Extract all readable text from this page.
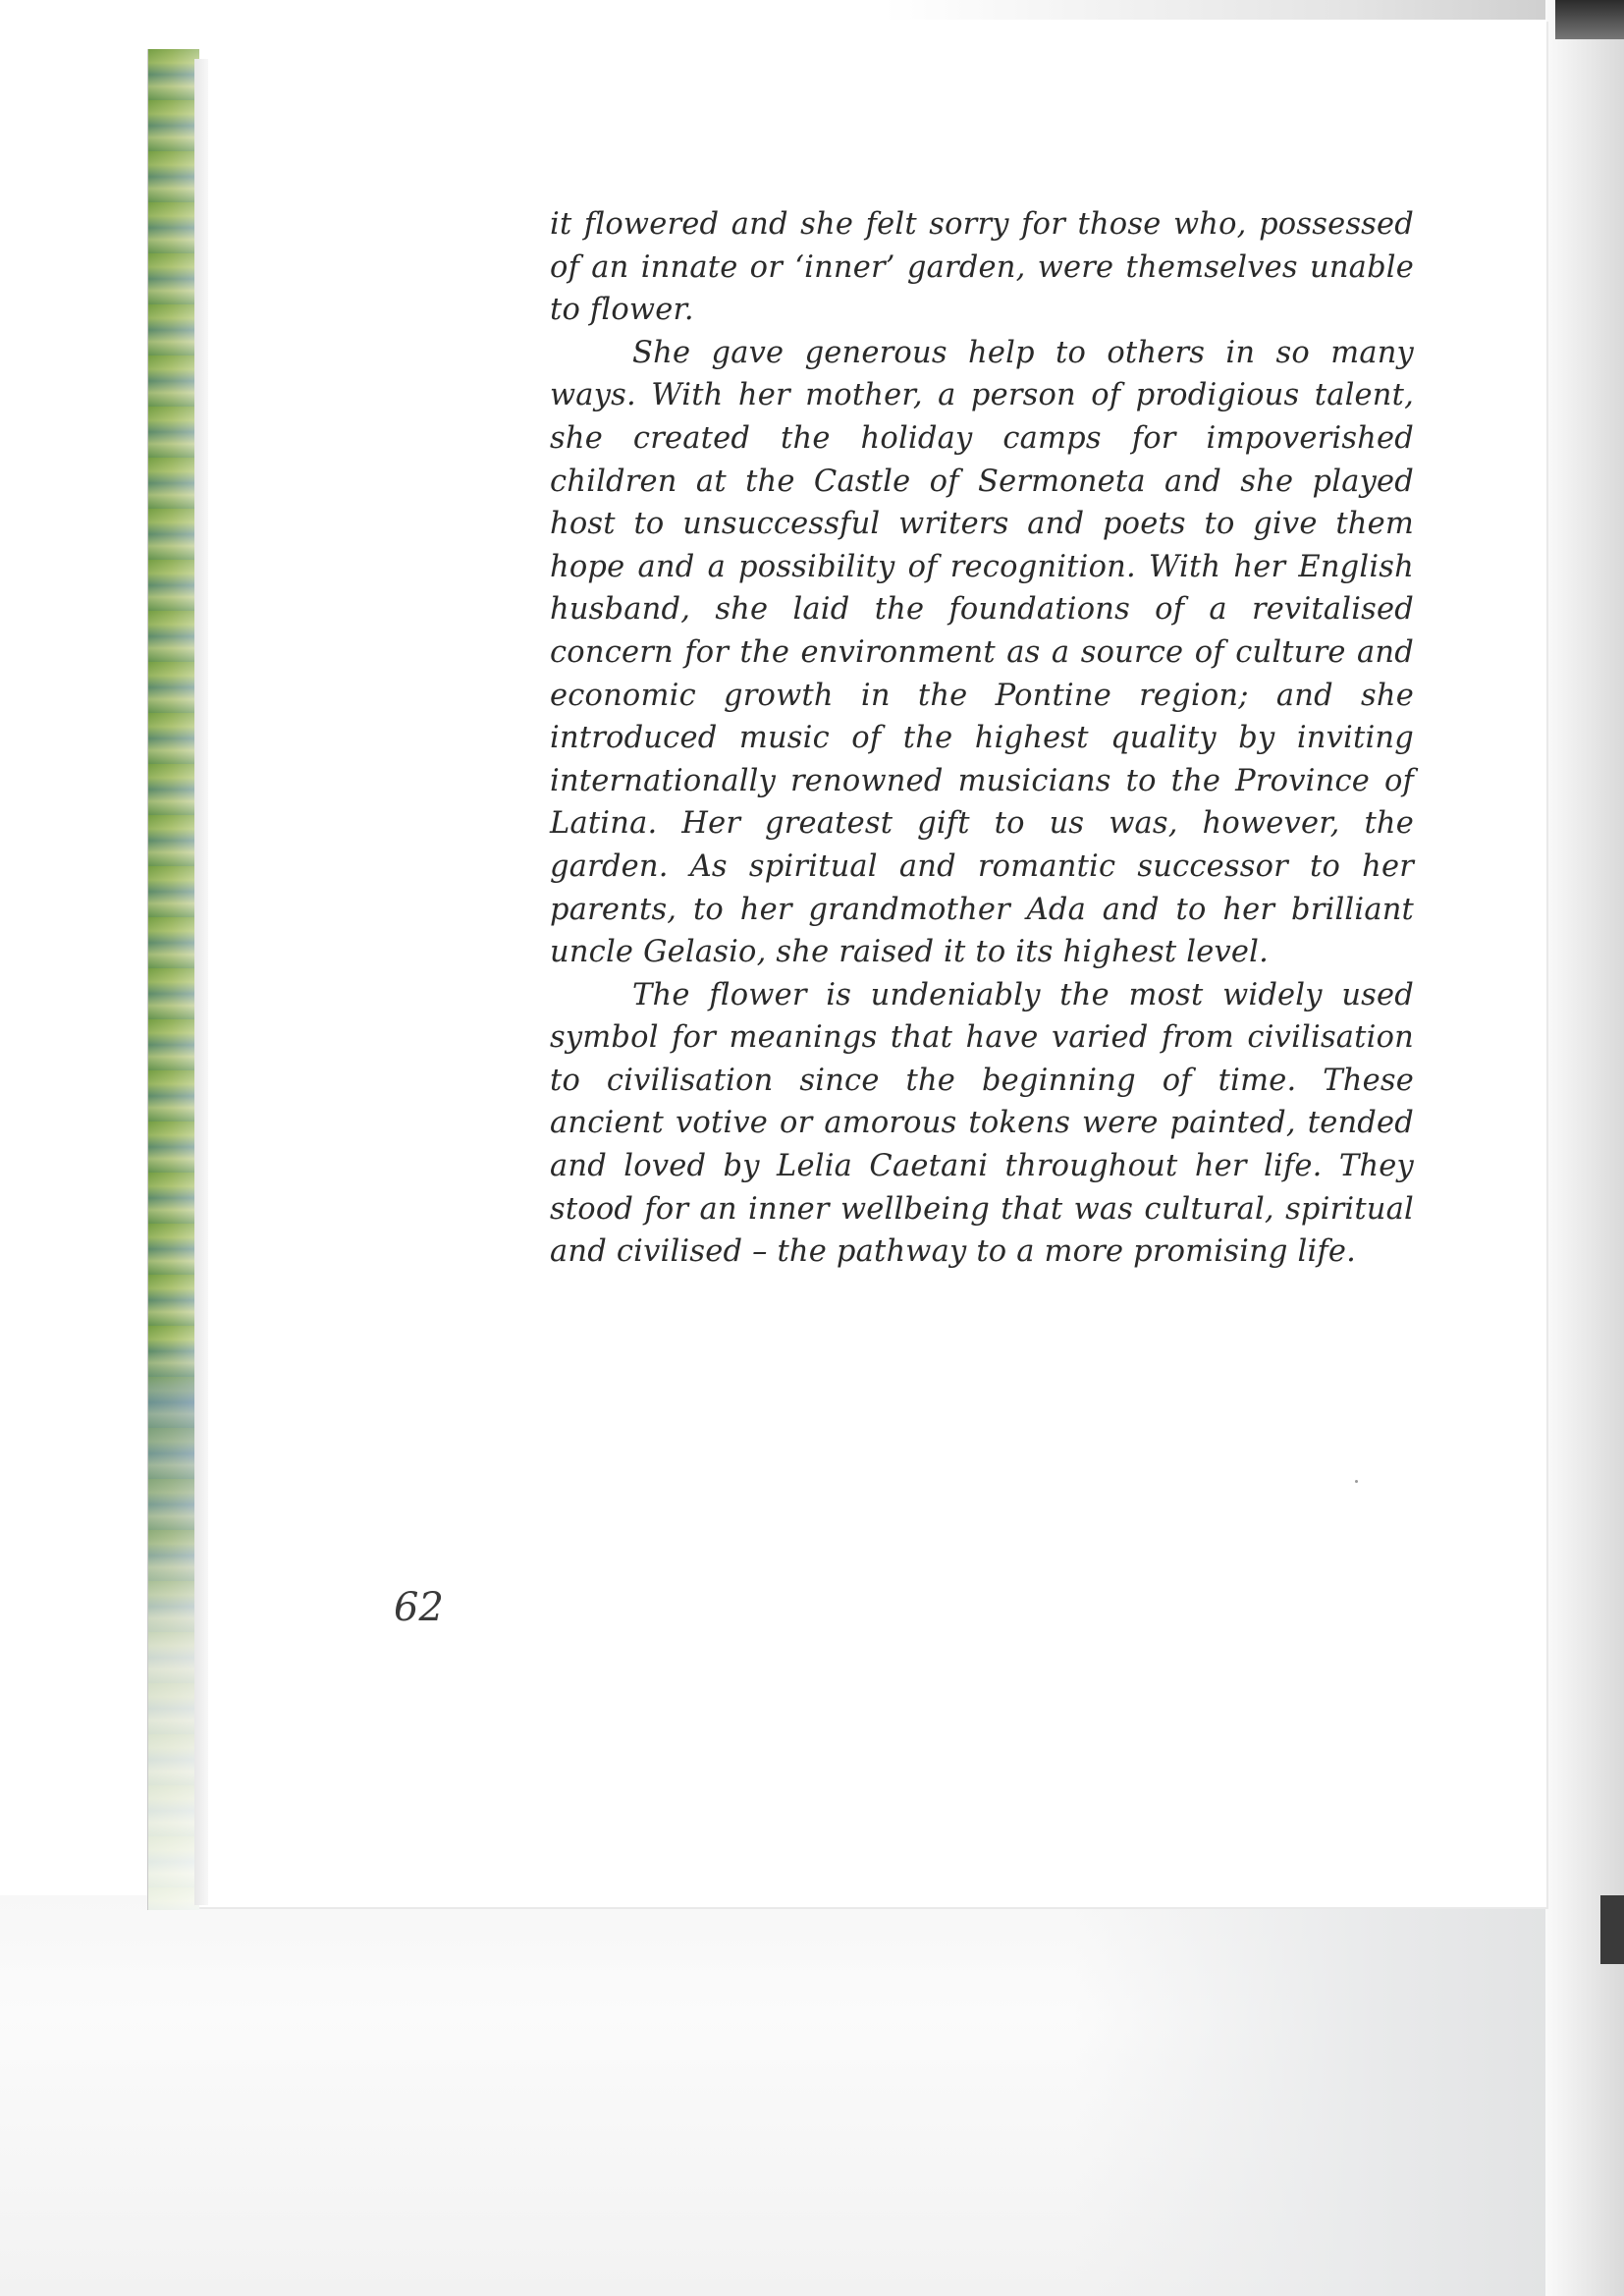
it flowered and she felt sorry for those who, possessed of an innate or ‘inner’ garden, were themselves unable to flower.

She gave generous help to others in so many ways. With her mother, a person of prodigious talent, she created the holiday camps for impoverished children at the Castle of Sermoneta and she played host to unsuccessful writers and poets to give them hope and a possibility of recognition. With her English husband, she laid the foundations of a revitalised concern for the environment as a source of culture and economic growth in the Pontine region; and she introduced music of the highest quality by inviting internationally renowned musicians to the Province of Latina. Her greatest gift to us was, however, the garden. As spiritual and romantic successor to her parents, to her grandmother Ada and to her brilliant uncle Gelasio, she raised it to its highest level.

The flower is undeniably the most widely used symbol for meanings that have varied from civilisation to civilisation since the beginning of time. These ancient votive or amorous tokens were painted, tended and loved by Lelia Caetani throughout her life. They stood for an inner wellbeing that was cultural, spiritual and civilised – the pathway to a more promising life.

62
